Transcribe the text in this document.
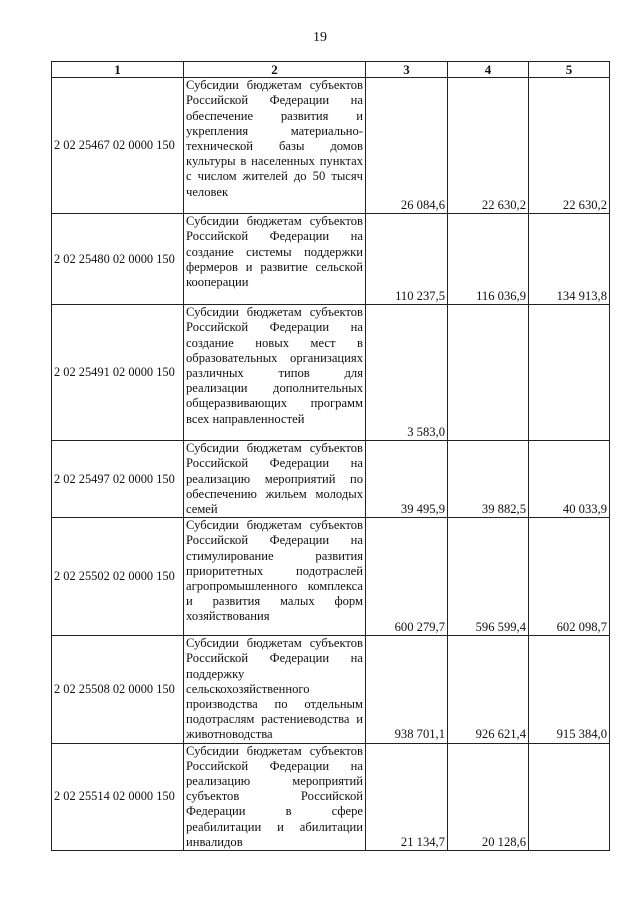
19
1	2	3	4	5
2 02 25467 02 0000 150	Субсидии бюджетам субъектов Российской Федерации на обеспечение развития и укрепления материально-технической базы домов культуры в населенных пунктах с числом жителей до 50 тысяч человек	26 084,6	22 630,2	22 630,2
2 02 25480 02 0000 150	Субсидии бюджетам субъектов Российской Федерации на создание системы поддержки фермеров и развитие сельской кооперации	110 237,5	116 036,9	134 913,8
2 02 25491 02 0000 150	Субсидии бюджетам субъектов Российской Федерации на создание новых мест в образовательных организациях различных типов для реализации дополнительных общеразвивающих программ всех направленностей	3 583,0		
2 02 25497 02 0000 150	Субсидии бюджетам субъектов Российской Федерации на реализацию мероприятий по обеспечению жильем молодых семей	39 495,9	39 882,5	40 033,9
2 02 25502 02 0000 150	Субсидии бюджетам субъектов Российской Федерации на стимулирование развития приоритетных подотраслей агропромышленного комплекса и развития малых форм хозяйствования	600 279,7	596 599,4	602 098,7
2 02 25508 02 0000 150	Субсидии бюджетам субъектов Российской Федерации на поддержку сельскохозяйственного производства по отдельным подотраслям растениеводства и животноводства	938 701,1	926 621,4	915 384,0
2 02 25514 02 0000 150	Субсидии бюджетам субъектов Российской Федерации на реализацию мероприятий субъектов Российской Федерации в сфере реабилитации и абилитации инвалидов	21 134,7	20 128,6	
